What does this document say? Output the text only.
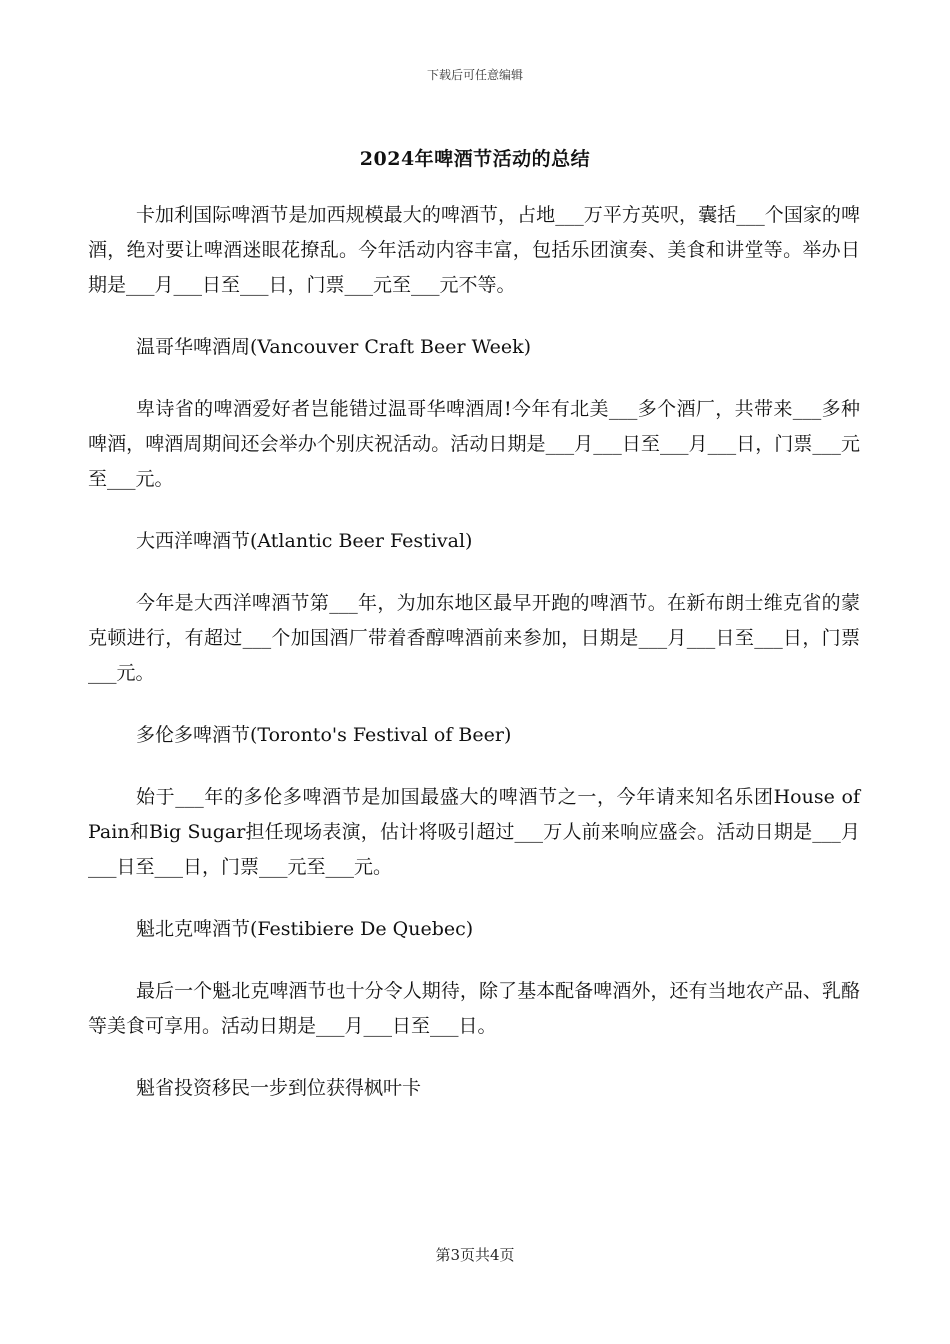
下载后可任意编辑
2024年啤酒节活动的总结

卡加利国际啤酒节是加西规模最大的啤酒节，占地___万平方英呎，囊括___个国家的啤酒，绝对要让啤酒迷眼花撩乱。今年活动内容丰富，包括乐团演奏、美食和讲堂等。举办日期是___月___日至___日，门票___元至___元不等。

温哥华啤酒周(Vancouver Craft Beer Week)

卑诗省的啤酒爱好者岂能错过温哥华啤酒周!今年有北美___多个酒厂，共带来___多种啤酒，啤酒周期间还会举办个别庆祝活动。活动日期是___月___日至___月___日，门票___元至___元。

大西洋啤酒节(Atlantic Beer Festival)

今年是大西洋啤酒节第___年，为加东地区最早开跑的啤酒节。在新布朗士维克省的蒙克顿进行，有超过___个加国酒厂带着香醇啤酒前来参加，日期是___月___日至___日，门票___元。

多伦多啤酒节(Toronto's Festival of Beer)

始于___年的多伦多啤酒节是加国最盛大的啤酒节之一，今年请来知名乐团House of Pain和Big Sugar担任现场表演，估计将吸引超过___万人前来响应盛会。活动日期是___月___日至___日，门票___元至___元。

魁北克啤酒节(Festibiere De Quebec)

最后一个魁北克啤酒节也十分令人期待，除了基本配备啤酒外，还有当地农产品、乳酪等美食可享用。活动日期是___月___日至___日。

魁省投资移民一步到位获得枫叶卡

第3页共4页
